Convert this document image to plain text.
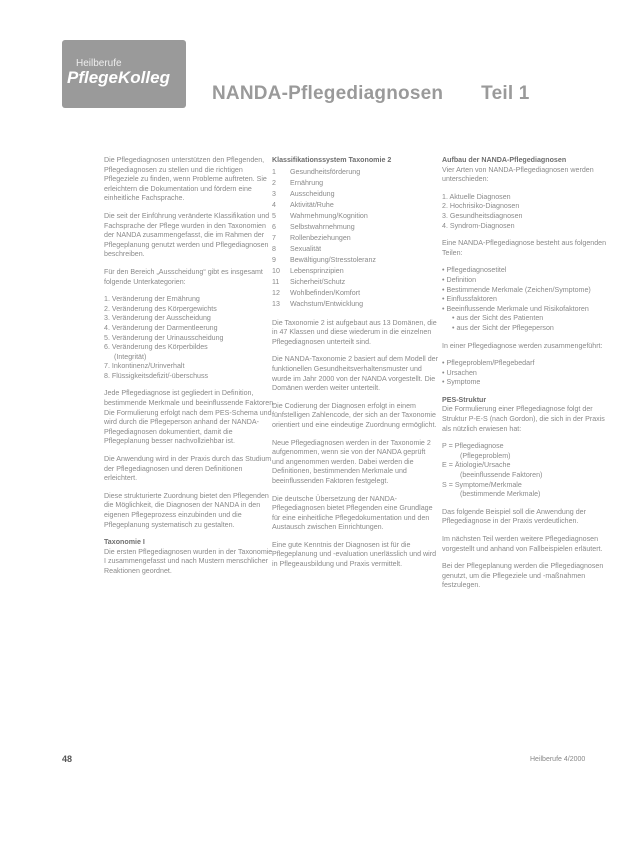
Heilberufe
PflegeKolleg
NANDA-Pflegediagnosen Teil 1

Die Pflegediagnosen unterstützen den Pflegenden, Pflegediagnosen zu stellen und die richtigen Pflegeziele zu finden, wenn Probleme auftreten. Sie erleichtern die Dokumentation und fördern eine einheitliche Fachsprache.

Die seit der Einführung veränderte Klassifikation und Fachsprache der Pflege wurden in den Taxonomien der NANDA zusammengefasst, die im Rahmen der Pflegeplanung genutzt werden und Pflegediagnosen beschreiben.

Für den Bereich „Ausscheidung“ gibt es insgesamt folgende Unterkategorien:

1. Veränderung der Ernährung
2. Veränderung des Körpergewichts
3. Veränderung der Ausscheidung
4. Veränderung der Darmentleerung
5. Veränderung der Urinausscheidung
6. Veränderung des Körperbildes
(Integrität)
7. Inkontinenz/Urinverhalt
8. Flüssigkeitsdefizit/-überschuss

Jede Pflegediagnose ist gegliedert in Definition, bestimmende Merkmale und beeinflussende Faktoren. Die Formulierung erfolgt nach dem PES-Schema und wird durch die Pflegeperson anhand der NANDA-Pflegediagnosen dokumentiert, damit die Pflegeplanung besser nachvollziehbar ist.

Die Anwendung wird in der Praxis durch das Studium der Pflegediagnosen und deren Definitionen erleichtert.

Diese strukturierte Zuordnung bietet den Pflegenden die Möglichkeit, die Diagnosen der NANDA in den eigenen Pflegeprozess einzubinden und die Pflegeplanung systematisch zu gestalten.

Taxonomie I

Die ersten Pflegediagnosen wurden in der Taxonomie I zusammengefasst und nach Mustern menschlicher Reaktionen geordnet.

Klassifikationssystem Taxonomie 2
1	Gesundheitsförderung
2	Ernährung
3	Ausscheidung
4	Aktivität/Ruhe
5	Wahrnehmung/Kognition
6	Selbstwahrnehmung
7	Rollenbeziehungen
8	Sexualität
9	Bewältigung/Stresstoleranz
10	Lebensprinzipien
11	Sicherheit/Schutz
12	Wohlbefinden/Komfort
13	Wachstum/Entwicklung

Die Taxonomie 2 ist aufgebaut aus 13 Domänen, die in 47 Klassen und diese wiederum in die einzelnen Pflegediagnosen unterteilt sind.

Die NANDA-Taxonomie 2 basiert auf dem Modell der funktionellen Gesundheitsverhaltensmuster und wurde im Jahr 2000 von der NANDA vorgestellt. Die Domänen werden weiter unterteilt.

Die Codierung der Diagnosen erfolgt in einem fünfstelligen Zahlencode, der sich an der Taxonomie orientiert und eine eindeutige Zuordnung ermöglicht.

Neue Pflegediagnosen werden in der Taxonomie 2 aufgenommen, wenn sie von der NANDA geprüft und angenommen werden. Dabei werden die Definitionen, bestimmenden Merkmale und beeinflussenden Faktoren festgelegt.

Die deutsche Übersetzung der NANDA-Pflegediagnosen bietet Pflegenden eine Grundlage für eine einheitliche Pflegedokumentation und den Austausch zwischen Einrichtungen.

Eine gute Kenntnis der Diagnosen ist für die Pflegeplanung und -evaluation unerlässlich und wird in Pflegeausbildung und Praxis vermittelt.

Aufbau der NANDA-Pflegediagnosen

Vier Arten von NANDA-Pflegediagnosen werden unterschieden:

1. Aktuelle Diagnosen
2. Hochrisiko-Diagnosen
3. Gesundheitsdiagnosen
4. Syndrom-Diagnosen

Eine NANDA-Pflegediagnose besteht aus folgenden Teilen:

• Pflegediagnosetitel
• Definition
• Bestimmende Merkmale (Zeichen/Symptome)
• Einflussfaktoren
• Beeinflussende Merkmale und Risikofaktoren
• aus der Sicht des Patienten
• aus der Sicht der Pflegeperson

In einer Pflegediagnose werden zusammengeführt:

• Pflegeproblem/Pflegebedarf
• Ursachen
• Symptome
PES-Struktur

Die Formulierung einer Pflegediagnose folgt der Struktur P-E-S (nach Gordon), die sich in der Praxis als nützlich erwiesen hat:

P = Pflegediagnose
(Pflegeproblem)
E = Ätiologie/Ursache
(beeinflussende Faktoren)
S = Symptome/Merkmale
(bestimmende Merkmale)

Das folgende Beispiel soll die Anwendung der Pflegediagnose in der Praxis verdeutlichen.

Im nächsten Teil werden weitere Pflegediagnosen vorgestellt und anhand von Fallbeispielen erläutert.

Bei der Pflegeplanung werden die Pflegediagnosen genutzt, um die Pflegeziele und -maßnahmen festzulegen.

48	Heilberufe 4/2000
